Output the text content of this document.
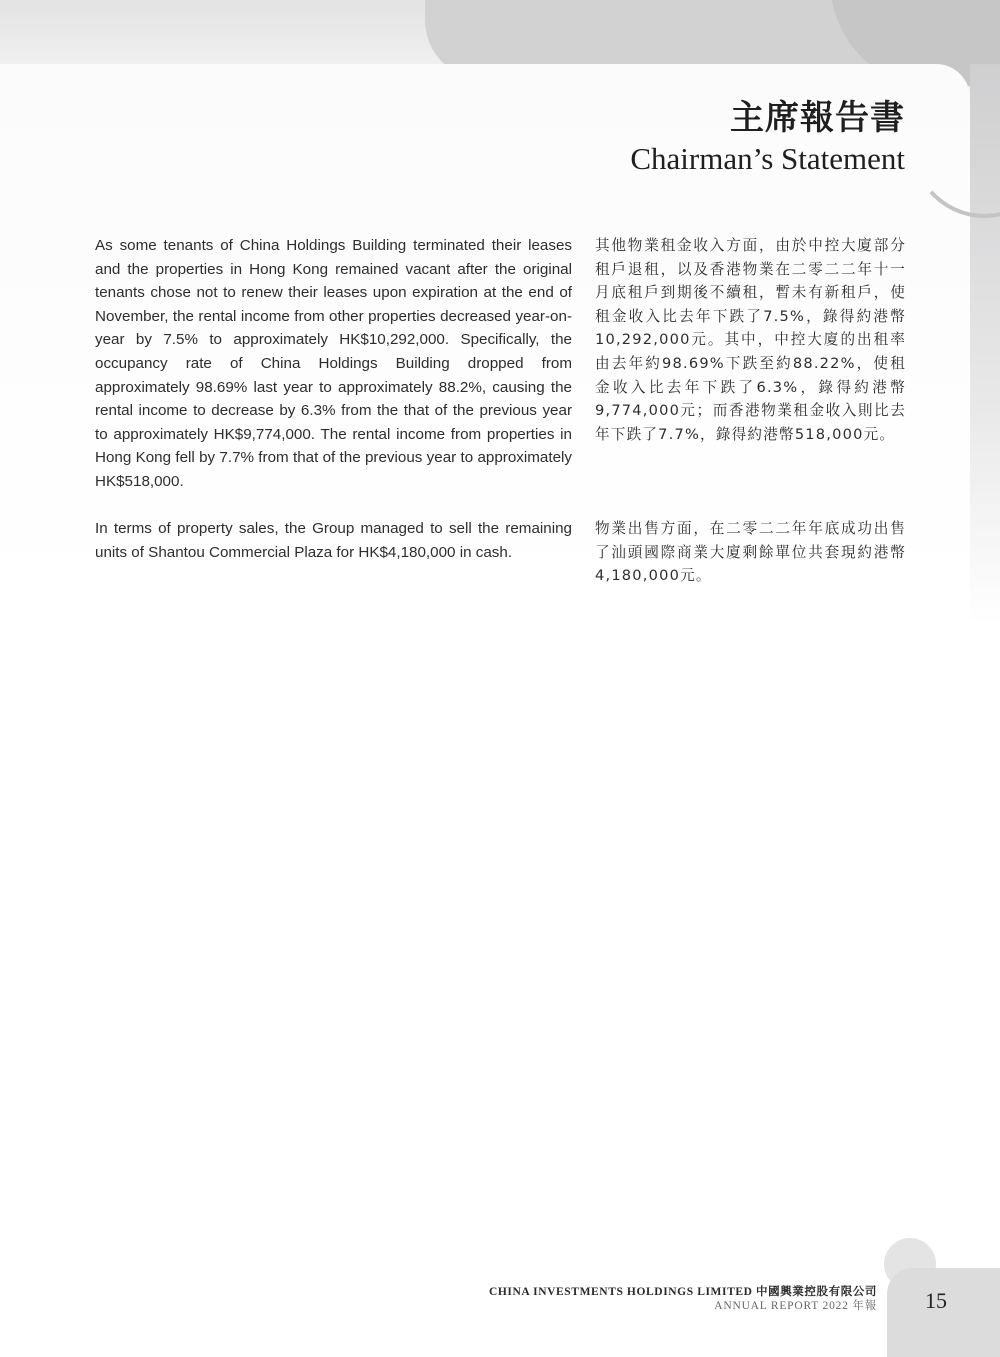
主席報告書
Chairman’s Statement

As some tenants of China Holdings Building terminated their leases and the properties in Hong Kong remained vacant after the original tenants chose not to renew their leases upon expiration at the end of November, the rental income from other properties decreased year-on-year by 7.5% to approximately HK$10,292,000. Specifically, the occupancy rate of China Holdings Building dropped from approximately 98.69% last year to approximately 88.2%, causing the rental income to decrease by 6.3% from the that of the previous year to approximately HK$9,774,000. The rental income from properties in Hong Kong fell by 7.7% from that of the previous year to approximately HK$518,000.

其他物業租金收入方面，由於中控大廈部分租戶退租，以及香港物業在二零二二年十一月底租戶到期後不續租，暫未有新租戶，使租金收入比去年下跌了7.5%，錄得約港幣10,292,000元。其中，中控大廈的出租率由去年約98.69%下跌至約88.22%，使租金收入比去年下跌了6.3%，錄得約港幣9,774,000元；而香港物業租金收入則比去年下跌了7.7%，錄得約港幣518,000元。

In terms of property sales, the Group managed to sell the remaining units of Shantou Commercial Plaza for HK$4,180,000 in cash.

物業出售方面，在二零二二年年底成功出售了汕頭國際商業大廈剩餘單位共套現約港幣4,180,000元。

CHINA INVESTMENTS HOLDINGS LIMITED 中國興業控股有限公司
ANNUAL REPORT 2022 年報 15
